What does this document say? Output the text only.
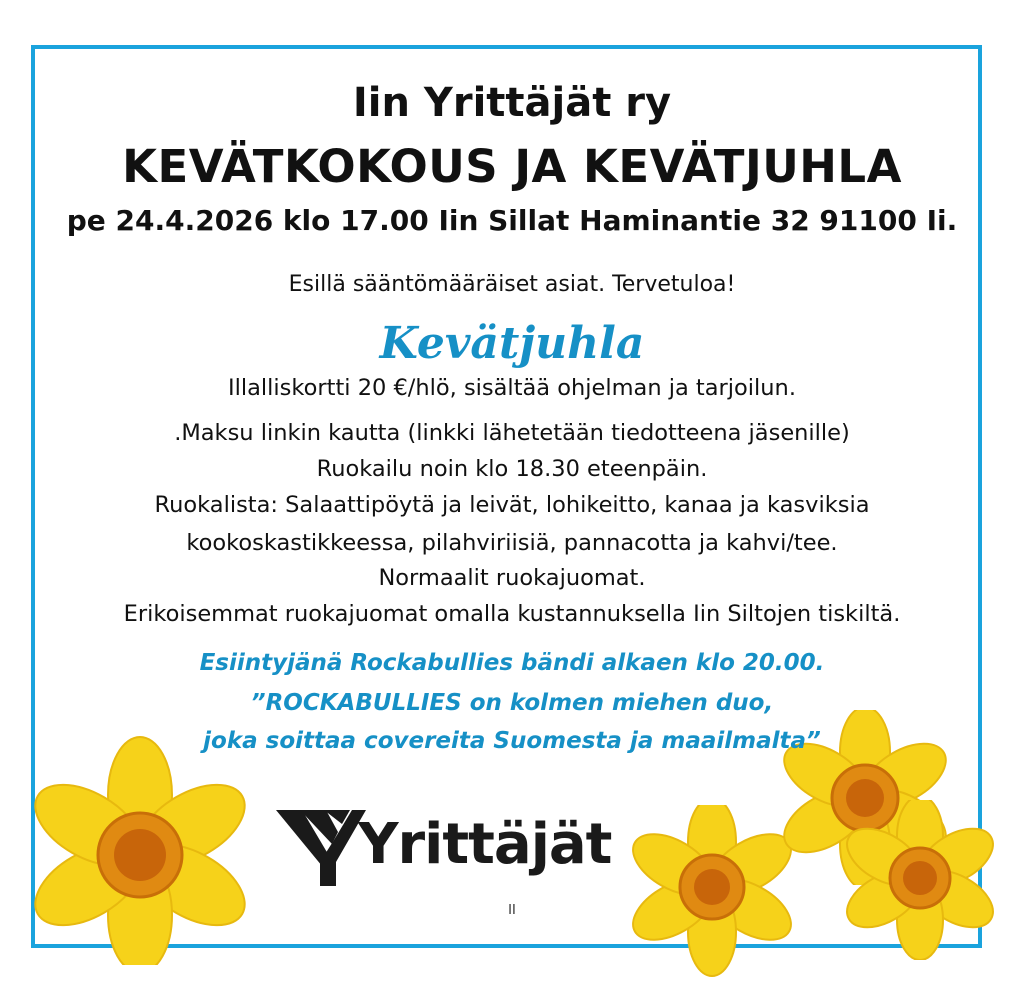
Iin Yrittäjät ry
KEVÄTKOKOUS JA KEVÄTJUHLA
pe 24.4.2026 klo 17.00 Iin Sillat Haminantie 32 91100 Ii.
Esillä sääntömääräiset asiat. Tervetuloa!
Kevätjuhla
Illalliskortti 20 €/hlö, sisältää ohjelman ja tarjoilun.
.Maksu linkin kautta (linkki lähetetään tiedotteena jäsenille)
Ruokailu noin klo 18.30 eteenpäin.
Ruokalista: Salaattipöytä ja leivät, lohikeitto, kanaa ja kasviksia
kookoskastikkeessa, pilahviriisiä, pannacotta ja kahvi/tee.
Normaalit ruokajuomat.
Erikoisemmat ruokajuomat omalla kustannuksella Iin Siltojen tiskiltä.
Esiintyjänä Rockabullies bändi alkaen klo 20.00.
”ROCKABULLIES on kolmen miehen duo,
joka soittaa covereita Suomesta ja maailmalta”
Yrittäjät
II
